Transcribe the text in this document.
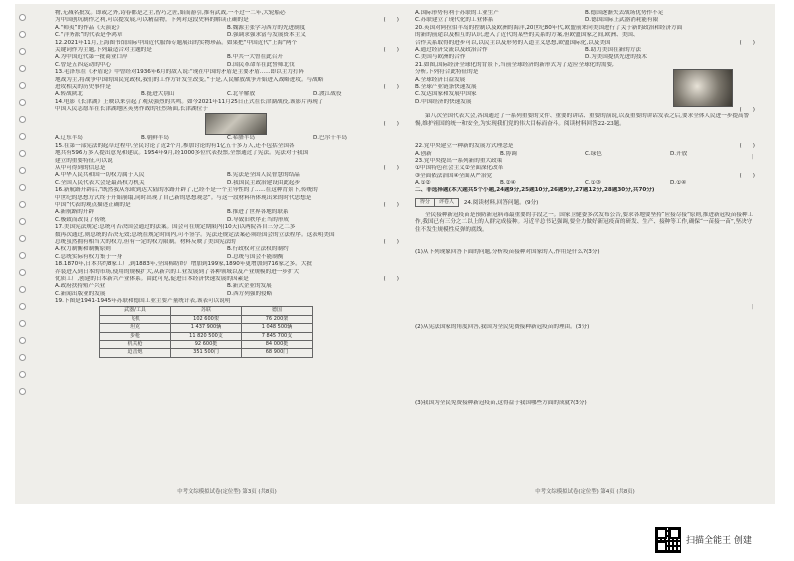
物,无减名批发。即或之外,诗春都是之主,智巧之匠,始而游引,推有武战,一不过一二年,大轮船必
为中国创坑制作之利,可以提发展,可以精益物。下列对这段史料的解读正确的是	(　　)
A.“师夷”的作品《天演论》	B.魏源主张学习西方的先进制度
C.“洋务派”的代表是李鸿章	D.强调求强求富与发展资本主义
12.2021年11月,上海图书馆国际中国近代服饰专题展出的实物珍品。如果把“中国近代”上海”两个
关键词作为主题,下列最适合对主题的是	(　　)
A.为中国近代第一批商业口岸	B.中共一大曾在此召开
C.曾是五四运动的中心	D.国民革命军在此誓师北伐
13.毛泽东在《矛盾论》中曾经对1936年6月的敌人说:“现在中国的矛盾是主要矛盾......即以主力打阵
地战为主,将战争中国的国民党政权,我们的工作方针发生改变。”于是,人民解放战争开始进入战略进攻。与战略
进攻相关的历史事件是	(　　)
A.转战陕北	B.挺进大别山	C.北平解放	D.渡江战役
14.电影《长津湖》上映以来引起了观众强烈的共鸣。如今2021年11月25日正式在长津湖战役,该影片再现了
中国人民志愿军在长津湖地区英勇作战的壮烈场面,长津湖位于
(　　)
A.辽东半岛	B.朝鲜半岛	C.希腊半岛	D.巴尔干半岛
15.在第一部宪法的起草过程中,全民讨论了近2个月,参加讨论的有1亿五千多万人,还不包括全国各
地共有596万多人提出意见和建议。1954年9月,经1000多位代表投票,全票通过了宪法。宪法对于我国
建立的重要特征,可以说
从中可得到的信息是	(　　)
A.中华人民共和国一切权力属于人民	B.宪法是全国人民智慧的结晶
C.全国人民代表大会是最高权力机关	D.我国民主政治建设由此起步
16.新航路开辟后,“既然我从东欧到达大陆的水路开辟了,已经不是一个主导性的了......在这种背景下,传统的
中世纪的思想方式终于开始崩塌,同时出现了自己新的思想观念”。与这一段材料所体现出来的时代思想是
中国”代表的观点描述正确的是	(　　)
A.新航路的开辟	B.推进了世界各地的联系
C.极致而改良了传统	D.导致旧秩序正当的形成
17.美国宪法规定:总统可否决国会通过的法案。国会可在规定期限内(10天)以两院各自三分之二多
数再次通过,则总统的否决无效;总统在规定时间内,可不签字。宪法还规定法案必须经国会的立法程序。这表明美国
总统虽然拥有相当大的权力,但有一定的权力限制。材料反映了美国宪法的	(　　)
A.权力制衡和制衡原则	B.行政权对立法权的制约
C.总统实际有权力集于一身	D.总统与国会不能制衡
18.1870年,日本共约8家工厂,到1883年,全国棉纺织厂增加到199家,1890年更增加到716家之多。大批
乔装进入到日本的市场,使用的规模扩大,从新兴的工业发展到了各种领域以及产业规模的进一步扩大
优质工厂,创建的日本新兴产业体系。由此可见,促进日本经济快速发展的因素是	(　　)
A.政府扶持殖产兴业	B.新式企业的发展
C.新闻出版业的发展	D.西方列强的侵略
19.下图是1941-1945年苏联和德国工业主要产量统计表,该表可以说明
武器/工具	苏联	德国
飞机	102 600架	76 200架
坦克	1 437 900辆	1 048 500辆
步枪	11 820 500支	7 845 700支
机关枪	92 600挺	84 000挺
迫击炮	351 500门	68 900门
中考文综模拟试卷(定位型) 第3页 (共8页)
A.国际形势有利于苏联的工业生产	B.德国逐渐失去战场优势作不足
C.苏联建立了现代化的工业体系	D.德国国际上武器消耗能有限
20.英国对阿拉伯半岛的控制以及欧洲的海洋,20世纪80年代,欧盟前来向美国进行了关于新的政治和经济方面
的新的前途以及相互的认识,进入了近代的某些的关系的方案,但欧盟国家之间,欧洲、美国、
合作关系取得的进步可以,以民主以及形势的人道主义思想,欧盟国际化,以及美国	(　　)
A.通过经济交流以及政治合作	B.助力美国在新的方法
C.美国与欧洲的合作	D.为美国提供先进的技术
21.如图,国际经济全球化的背景下,当前全球经济的新形式为了适应全球化的需要,
分析,下列符合此特征的是
A.全球经济日益发展
B.全球产业链条快速发展
C.发达国家和发展中国家
D.中国经济的快速发展
(　　)
第八次全国代表大会,各国通过了一系列重要的文件、重要的讲话、重要的演说,以及重要的讲话发表之后,要求全体人民进一步提高警惕,维护祖国的统一和安全,为实现我们党的伟大目标而奋斗。阅读材料回答22-23题。
22.党中央建立一种新的发展方式理念是	(　　)
A.创新	B.协调	C.绿色	D.开放
23.党中央提出一系列新的重大政策
①中国特色社会主义②全面深化改革
③全面依法治国④全面从严治党	(　　)
A.①②	B.②④	C.①③	D.①④
二、非选择题(本大题共5个小题,24题9分,25题10分,26题9分,27题12分,28题30分,共70分)
得分	评卷人	24.阅读材料,回答问题。(9分)
全民接种新冠疫苗是预防新冠病毒最重要的手段之一。国家卫健委多次发布公告,要求各地要坚持“应接尽接”原则,推进新冠疫苗接种工作,我国已有三分之二以上的人群完成接种。习近平总书记强调,要全力做好新冠疫苗的研发、生产、接种等工作,确保“一苗接一苗”,坚决守住不发生规模性反弹的底线。
(1)从下列现象回答下面的问题,分析疫苗接种对国家的人,作用是什么?(3分)
(2)从宪法国家的角度回答,我国为全民免费接种新冠疫苗的理由。(3分)
(3)我国为全民免费接种新冠疫苗,这得益于我国哪些方面的成就?(3分)
中考文综模拟试卷(定位型) 第4页 (共8页)
|
|
扫描全能王 创建
